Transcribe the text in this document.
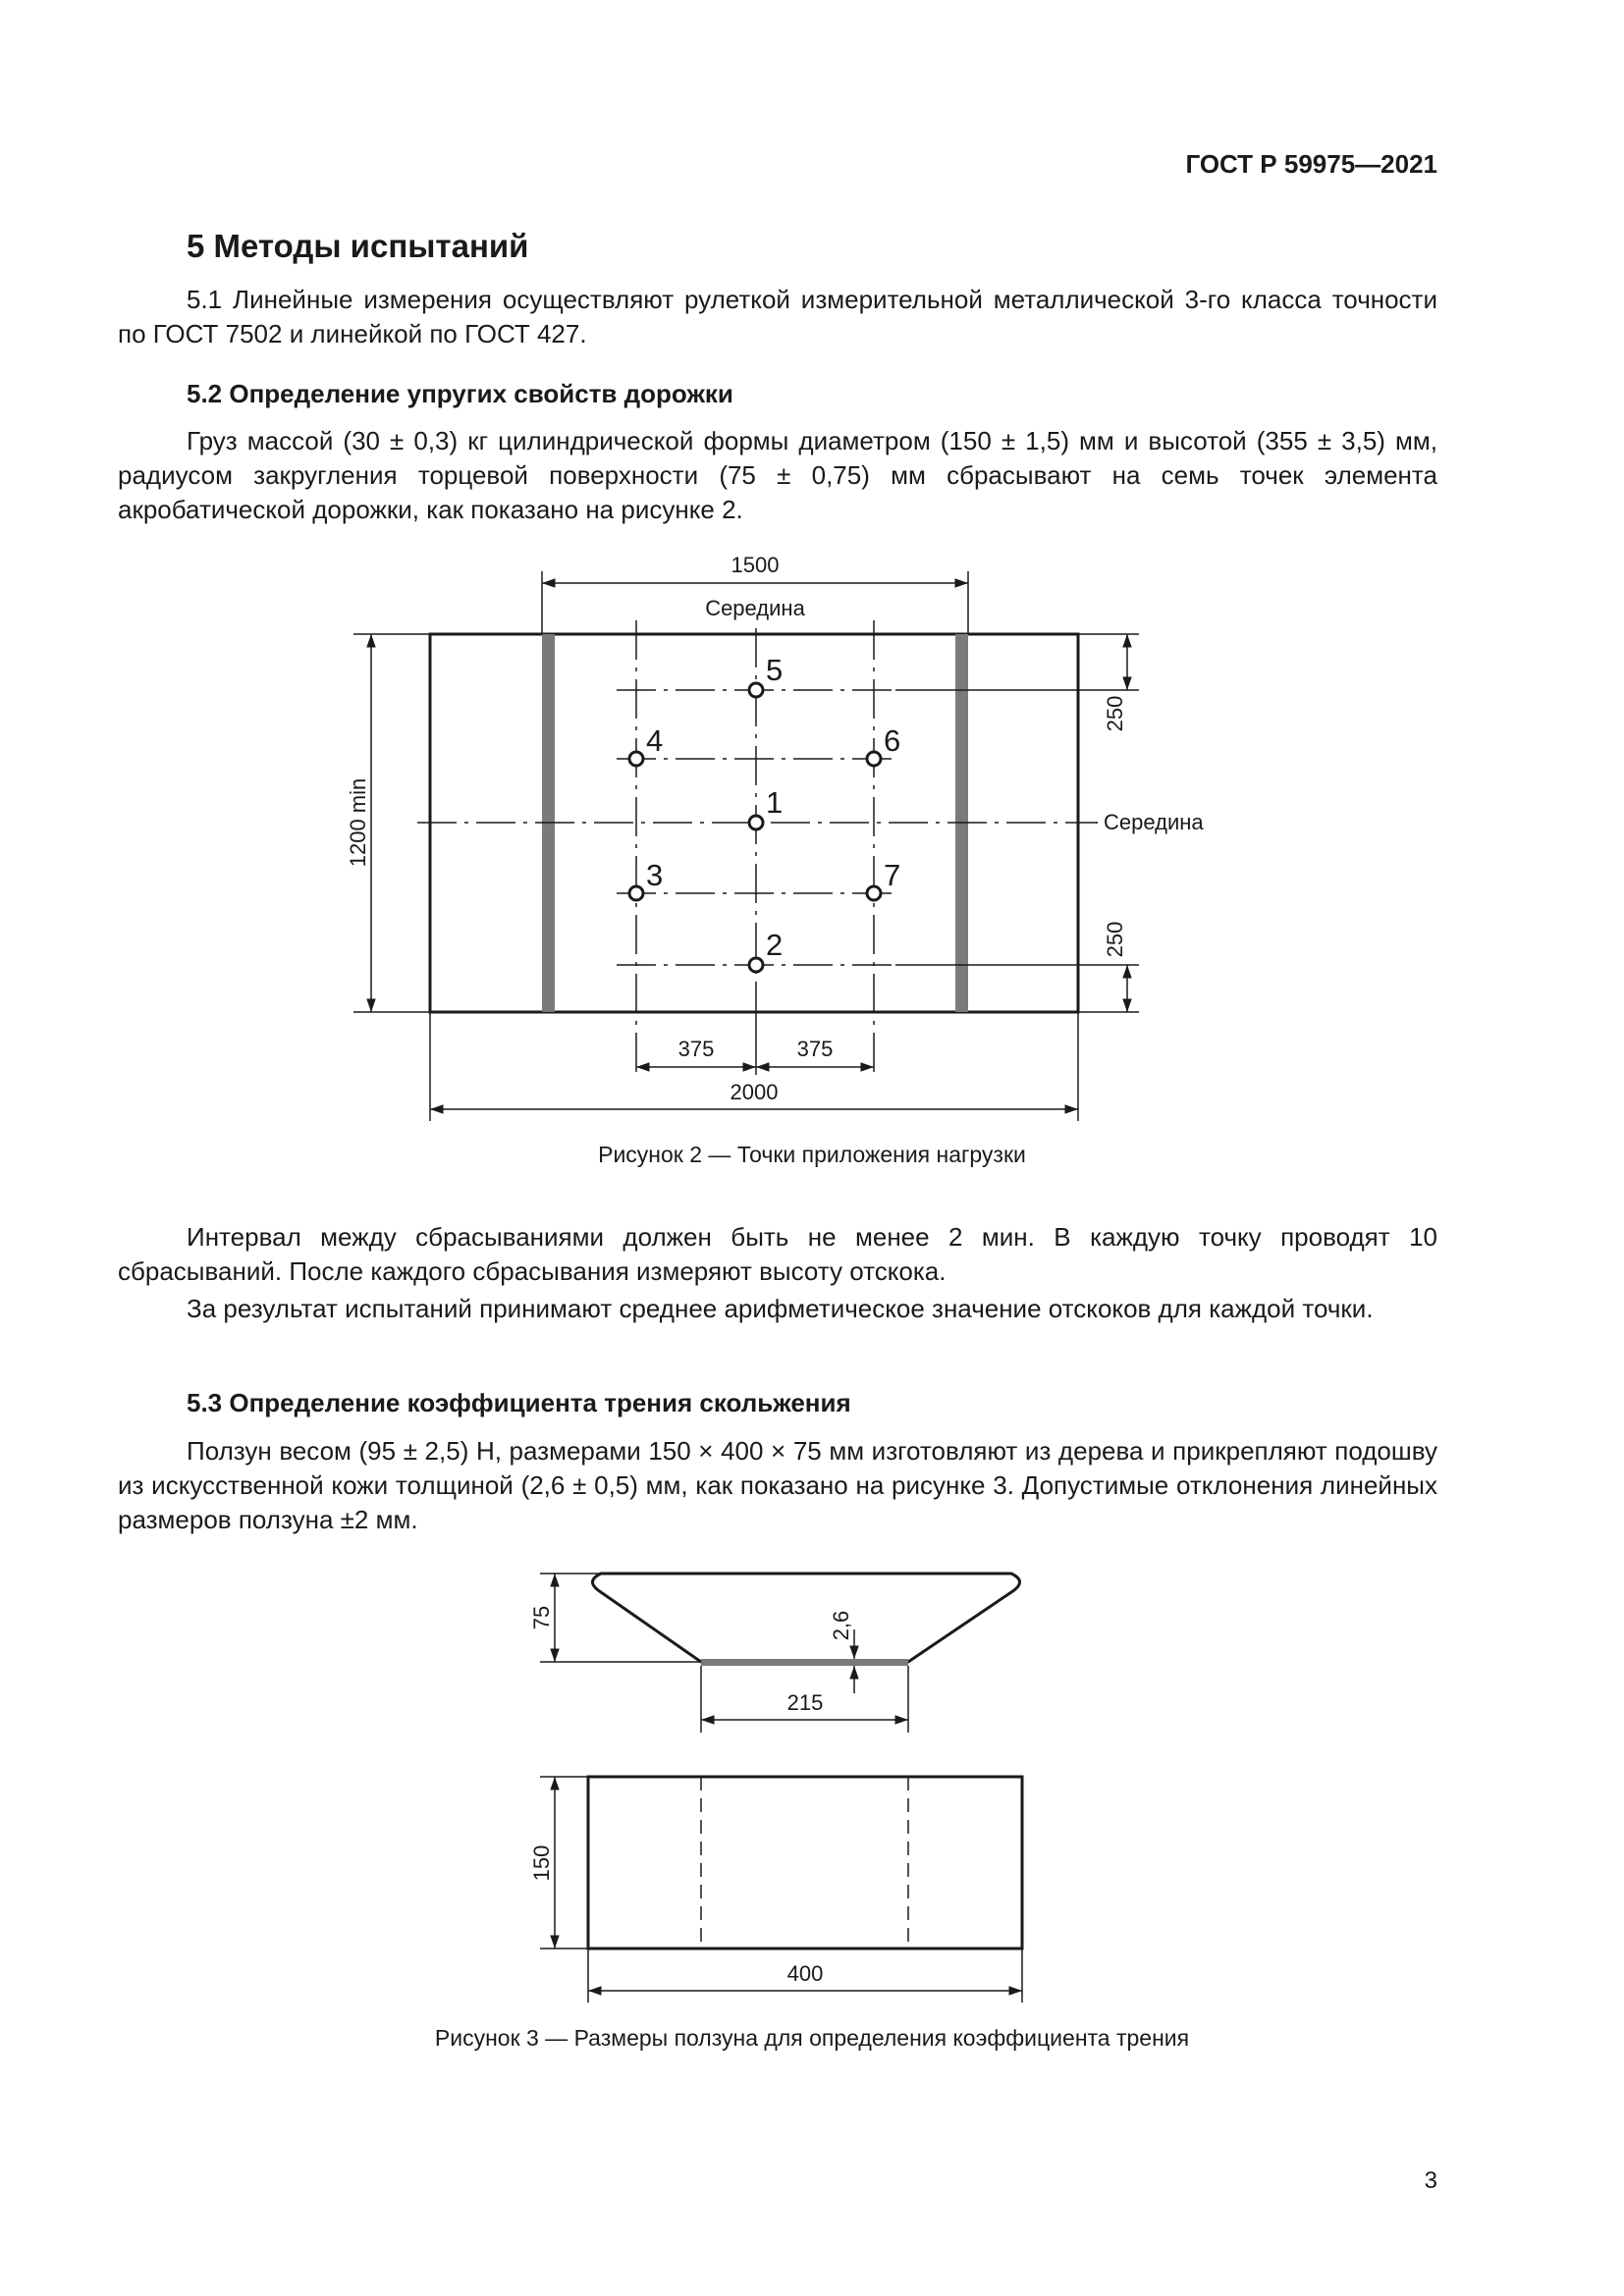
ГОСТ Р 59975—2021
5 Методы испытаний

5.1 Линейные измерения осуществляют рулеткой измерительной металлической 3-го класса точности по ГОСТ 7502 и линейкой по ГОСТ 427.

5.2 Определение упругих свойств дорожки

Груз массой (30 ± 0,3) кг цилиндрической формы диаметром (150 ± 1,5) мм и высотой (355 ± 3,5) мм, радиусом закругления торцевой поверхности (75 ± 0,75) мм сбрасывают на семь точек элемента акробатической дорожки, как показано на рисунке 2.

1500
Середина
Середина
1200 min
250
250
375	375
2000
1
2
3
4
5
6
7
75	2,6
215
150
400
Рисунок 2 — Точки приложения нагрузки

Интервал между сбрасываниями должен быть не менее 2 мин. В каждую точку проводят 10 сбрасываний. После каждого сбрасывания измеряют высоту отскока.

За результат испытаний принимают среднее арифметическое значение отскоков для каждой точки.

5.3 Определение коэффициента трения скольжения

Ползун весом (95 ± 2,5) Н, размерами 150 × 400 × 75 мм изготовляют из дерева и прикрепляют подошву из искусственной кожи толщиной (2,6 ± 0,5) мм, как показано на рисунке 3. Допустимые отклонения линейных размеров ползуна ±2 мм.

Рисунок 3 — Размеры ползуна для определения коэффициента трения
3
